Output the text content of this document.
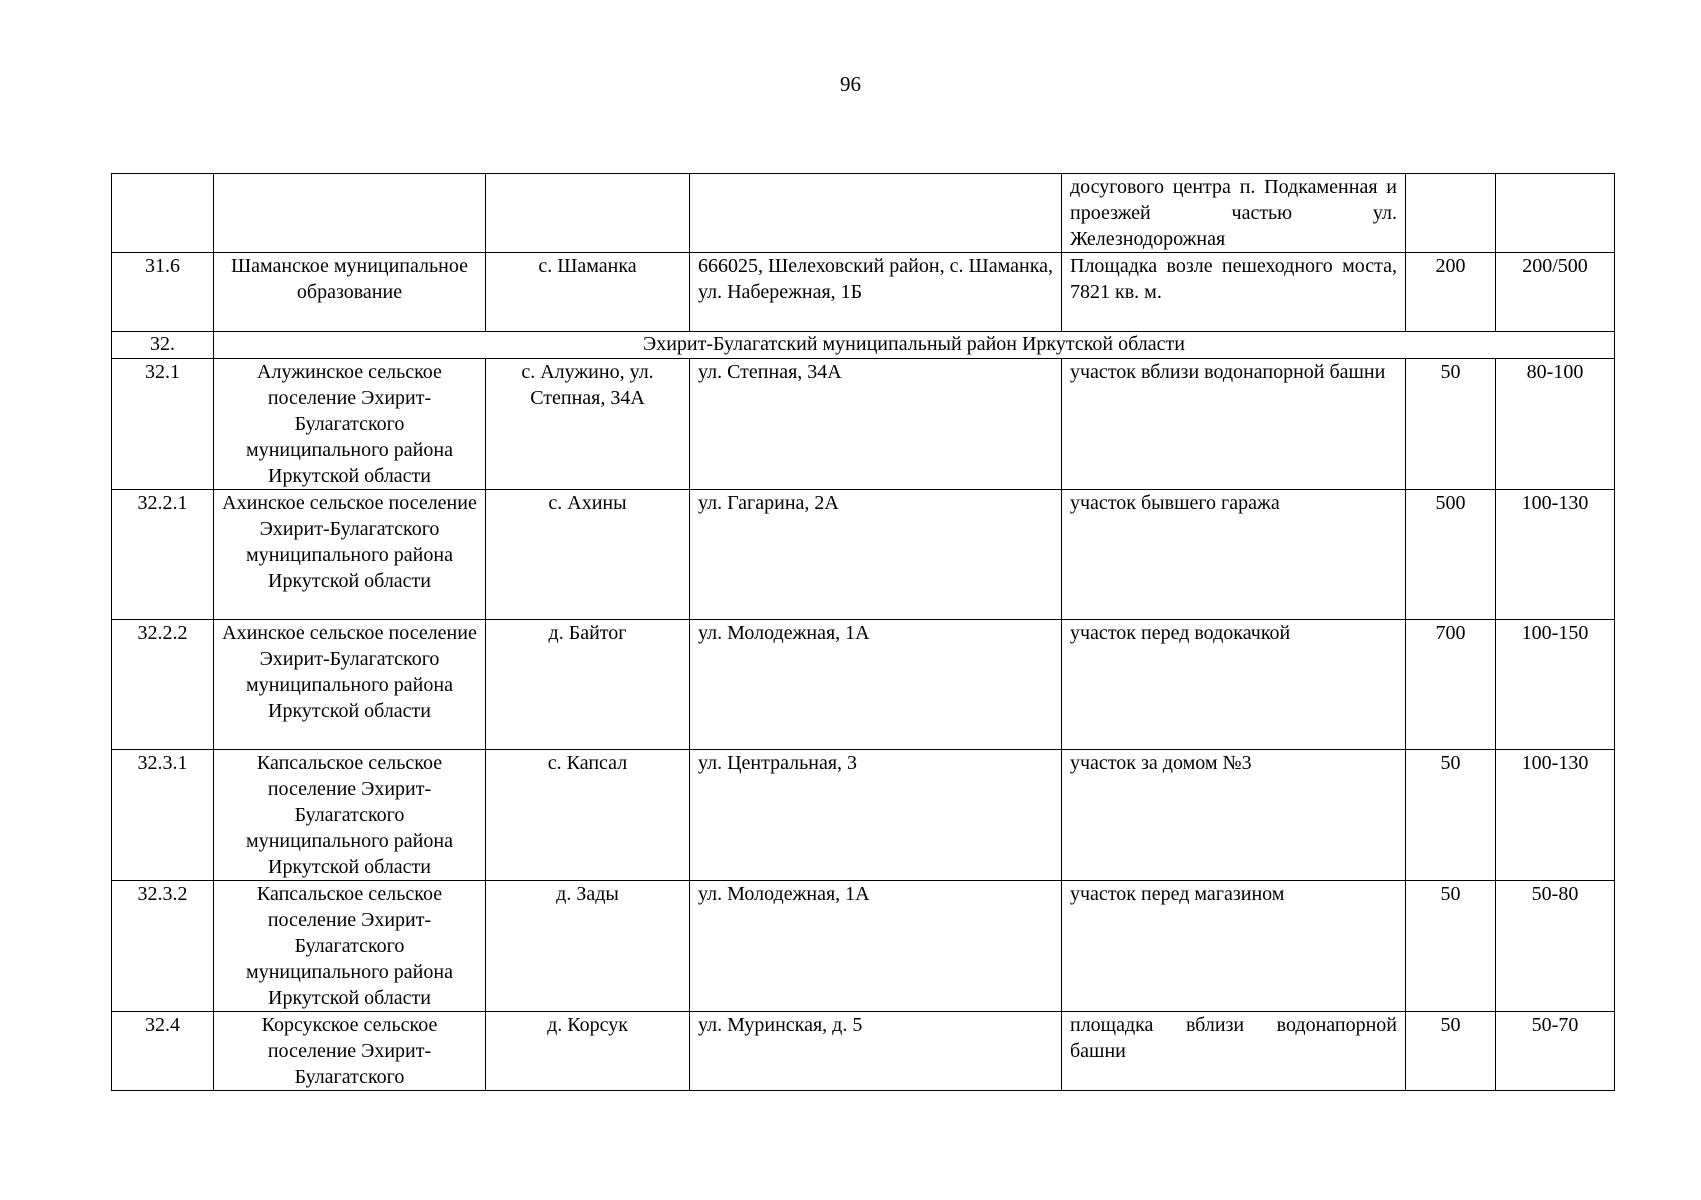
96
				досугового центра п. Подкаменная и проезжей частью ул. Железнодорожная		
31.6	Шаманское муниципальное образование	с. Шаманка	666025, Шелеховский район, с. Шаманка, ул. Набережная, 1Б	Площадка возле пешеходного моста, 7821 кв. м.	200	200/500
32.	Эхирит-Булагатский муниципальный район Иркутской области					
32.1	Алужинское сельское поселение Эхирит-Булагатского муниципального района Иркутской области	с. Алужино, ул. Степная, 34А	ул. Степная, 34А	участок вблизи водонапорной башни	50	80-100
32.2.1	Ахинское сельское поселение Эхирит-Булагатского муниципального района Иркутской области	с. Ахины	ул. Гагарина, 2А	участок бывшего гаража	500	100-130
32.2.2	Ахинское сельское поселение Эхирит-Булагатского муниципального района Иркутской области	д. Байтог	ул. Молодежная, 1А	участок перед водокачкой	700	100-150
32.3.1	Капсальское сельское поселение Эхирит-Булагатского муниципального района Иркутской области	с. Капсал	ул. Центральная, 3	участок за домом №3	50	100-130
32.3.2	Капсальское сельское поселение Эхирит-Булагатского муниципального района Иркутской области	д. Зады	ул. Молодежная, 1А	участок перед магазином	50	50-80
32.4	Корсукское сельское поселение Эхирит-Булагатского	д. Корсук	ул. Муринская, д. 5	площадка вблизи водонапорной башни	50	50-70
